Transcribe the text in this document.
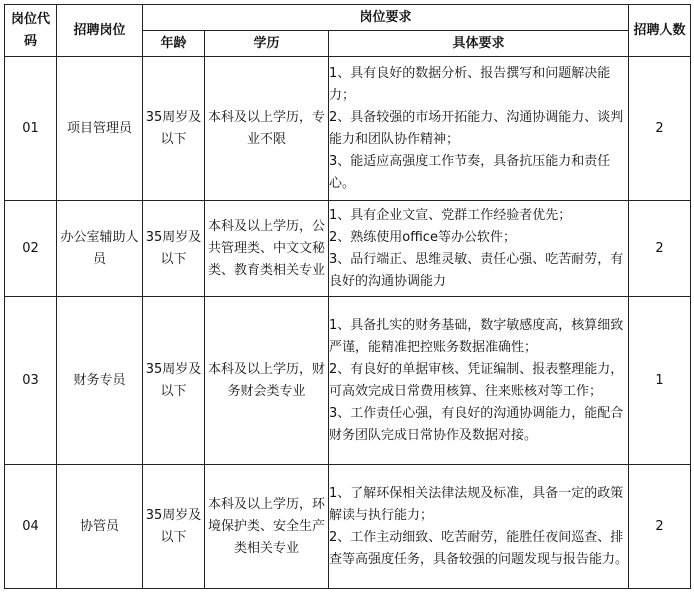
岗位代码	招聘岗位	岗位要求			招聘人数
		年龄	学历	具体要求	
01	项目管理员	35周岁及以下	本科及以上学历，专业不限	1、具有良好的数据分析、报告撰写和问题解决能力；
2、具备较强的市场开拓能力、沟通协调能力、谈判能力和团队协作精神；
3、能适应高强度工作节奏，具备抗压能力和责任心。	2
02	办公室辅助人员	35周岁及以下	本科及以上学历，公共管理类、中文文秘类、教育类相关专业	1、具有企业文宣、党群工作经验者优先；
2、熟练使用office等办公软件；
3、品行端正、思维灵敏、责任心强、吃苦耐劳，有良好的沟通协调能力	2
03	财务专员	35周岁及以下	本科及以上学历，财务财会类专业	1、具备扎实的财务基础，数字敏感度高，核算细致严谨，能精准把控账务数据准确性；
2、有良好的单据审核、凭证编制、报表整理能力，可高效完成日常费用核算、往来账核对等工作；
3、工作责任心强，有良好的沟通协调能力，能配合财务团队完成日常协作及数据对接。	1
04	协管员	35周岁及以下	本科及以上学历，环境保护类、安全生产类相关专业	1、了解环保相关法律法规及标准，具备一定的政策解读与执行能力；
2、工作主动细致、吃苦耐劳，能胜任夜间巡查、排查等高强度任务，具备较强的问题发现与报告能力。	2
